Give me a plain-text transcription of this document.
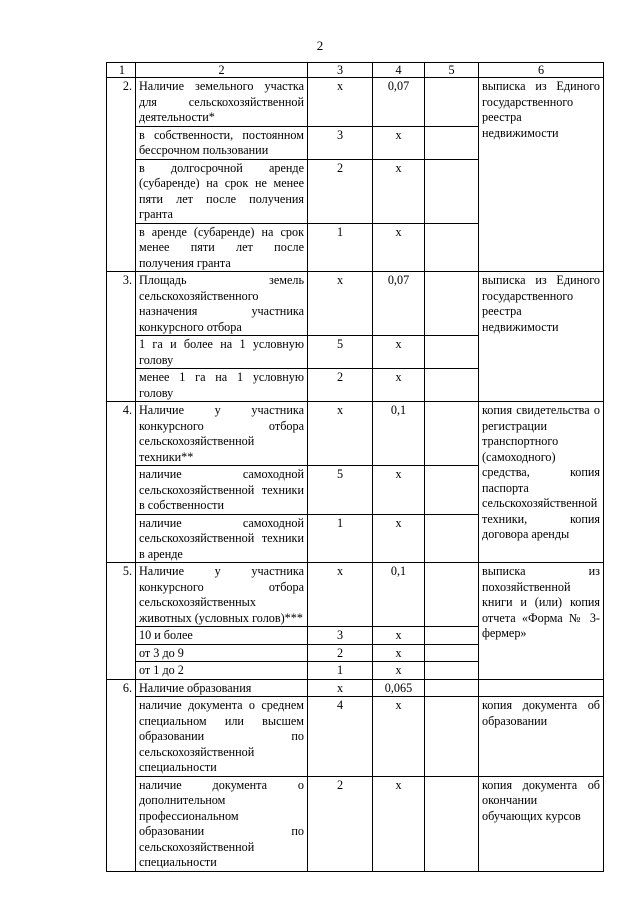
2
1	2	3	4	5	6
2.	Наличие земельного участка для сельскохозяйственной деятельности*	x	0,07		выписка из Единого государственного реестра недвижимости
	в собственности, постоянном бессрочном пользовании	3	x		
	в долгосрочной аренде (субаренде) на срок не менее пяти лет после получения гранта	2	x		
	в аренде (субаренде) на срок менее пяти лет после получения гранта	1	x		
3.	Площадь земель сельскохозяйственного назначения участника конкурсного отбора	x	0,07		выписка из Единого государственного реестра недвижимости
	1 га и более на 1 условную голову	5	x		
	менее 1 га на 1 условную голову	2	x		
4.	Наличие у участника конкурсного отбора сельскохозяйственной техники**	x	0,1		копия свидетельства о регистрации транспортного (самоходного) средства, копия паспорта сельскохозяйственной техники, копия договора аренды
	наличие самоходной сельскохозяйственной техники в собственности	5	x		
	наличие самоходной сельскохозяйственной техники в аренде	1	x		
5.	Наличие у участника конкурсного отбора сельскохозяйственных животных (условных голов)***	x	0,1		выписка из похозяйственной книги и (или) копия отчета «Форма № 3-фермер»
	10 и более	3	x		
	от 3 до 9	2	x		
	от 1 до 2	1	x		
6.	Наличие образования	x	0,065		
	наличие документа о среднем специальном или высшем образовании по сельскохозяйственной специальности	4	x		копия документа об образовании
	наличие документа о дополнительном профессиональном образовании по сельскохозяйственной специальности	2	x		копия документа об окончании обучающих курсов
